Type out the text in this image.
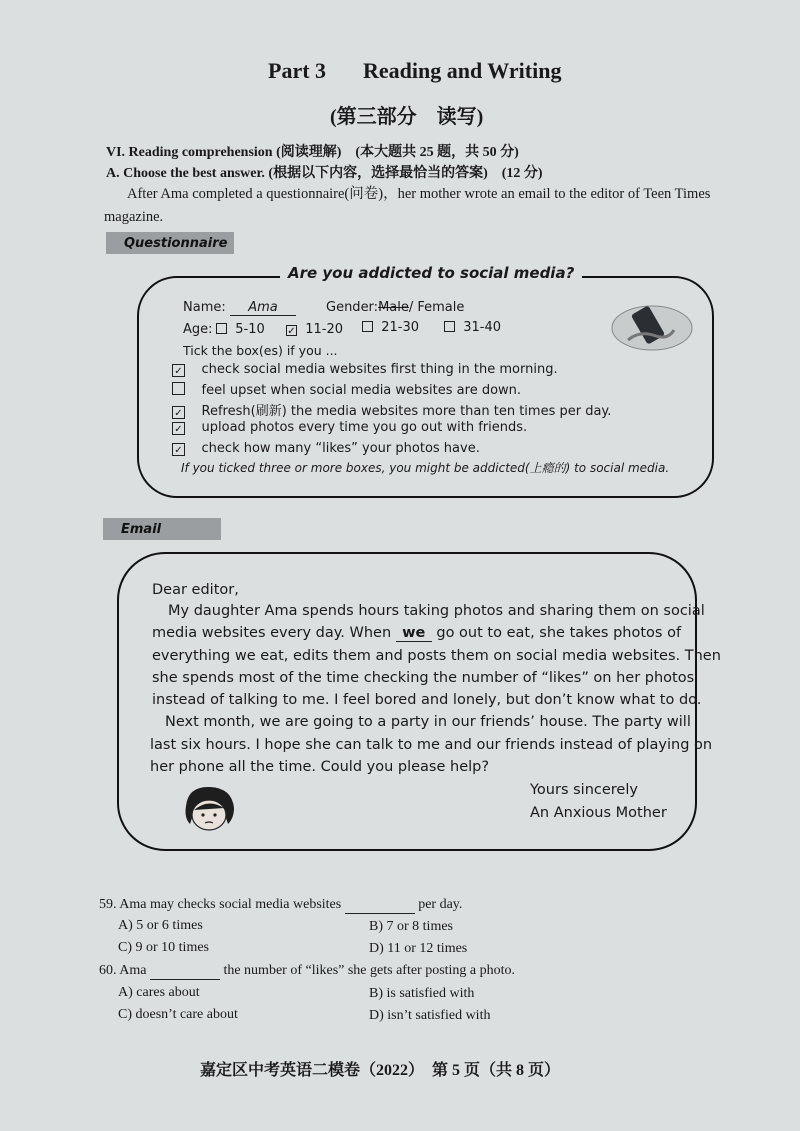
Part 3 Reading and Writing
(第三部分　读写)
VI. Reading comprehension (阅读理解)　(本大题共 25 题，共 50 分)
A. Choose the best answer. (根据以下内容，选择最恰当的答案)　(12 分)
After Ama completed a questionnaire(问卷)，her mother wrote an email to the editor of Teen Times
magazine.
Questionnaire
Are you addicted to social media?
Name:	Ama	Gender:Male/ Female
Age:	5-10 ✓ 11-20	21-30	31-40
Tick the box(es) if you ...
✓ check social media websites first thing in the morning.
feel upset when social media websites are down.
✓ Refresh(刷新) the media websites more than ten times per day.
✓ upload photos every time you go out with friends.
✓ check how many “likes” your photos have.
If you ticked three or more boxes, you might be addicted(上瘾的) to social media.
Email
Dear editor,
My daughter Ama spends hours taking photos and sharing them on social
media websites every day. When we go out to eat, she takes photos of
everything we eat, edits them and posts them on social media websites. Then
she spends most of the time checking the number of “likes” on her photos
instead of talking to me. I feel bored and lonely, but don’t know what to do.
Next month, we are going to a party in our friends’ house. The party will
last six hours. I hope she can talk to me and our friends instead of playing on
her phone all the time. Could you please help?
Yours sincerely
An Anxious Mother
59. Ama may checks social media websites	per day.
A) 5 or 6 times	B) 7 or 8 times
C) 9 or 10 times	D) 11 or 12 times
60. Ama	the number of “likes” she gets after posting a photo.
A) cares about	B) is satisfied with
C) doesn’t care about	D) isn’t satisfied with
嘉定区中考英语二模卷（2022）　第 5 页（共 8 页）
